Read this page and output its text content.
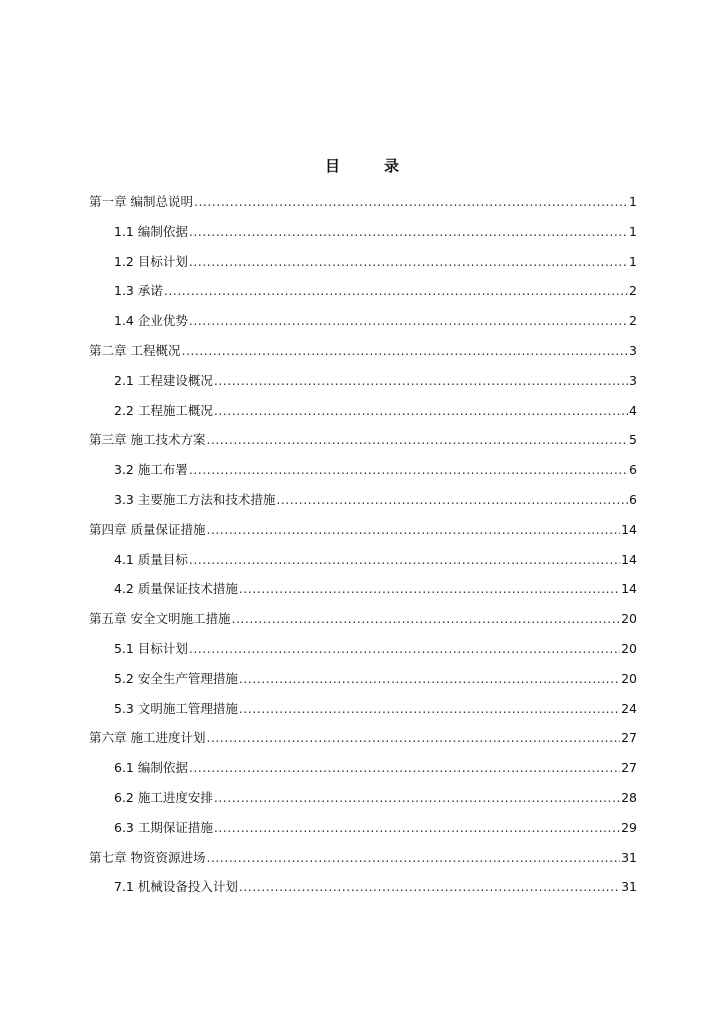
目	录
第一章 编制总说明 .....	1
1.1 编制依据 .....	1
1.2 目标计划 .....	1
1.3 承诺 .....	2
1.4 企业优势 .....	2
第二章 工程概况 .....	3
2.1 工程建设概况 .....	3
2.2 工程施工概况 .....	4
第三章 施工技术方案 .....	5
3.2 施工布署 .....	6
3.3 主要施工方法和技术措施 .....	6
第四章 质量保证措施 .....	14
4.1 质量目标 .....	14
4.2 质量保证技术措施 .....	14
第五章 安全文明施工措施 .....	20
5.1 目标计划 .....	20
5.2 安全生产管理措施 .....	20
5.3 文明施工管理措施 .....	24
第六章 施工进度计划 .....	27
6.1 编制依据 .....	27
6.2 施工进度安排 .....	28
6.3 工期保证措施 .....	29
第七章 物资资源进场 .....	31
7.1 机械设备投入计划 .....	31
